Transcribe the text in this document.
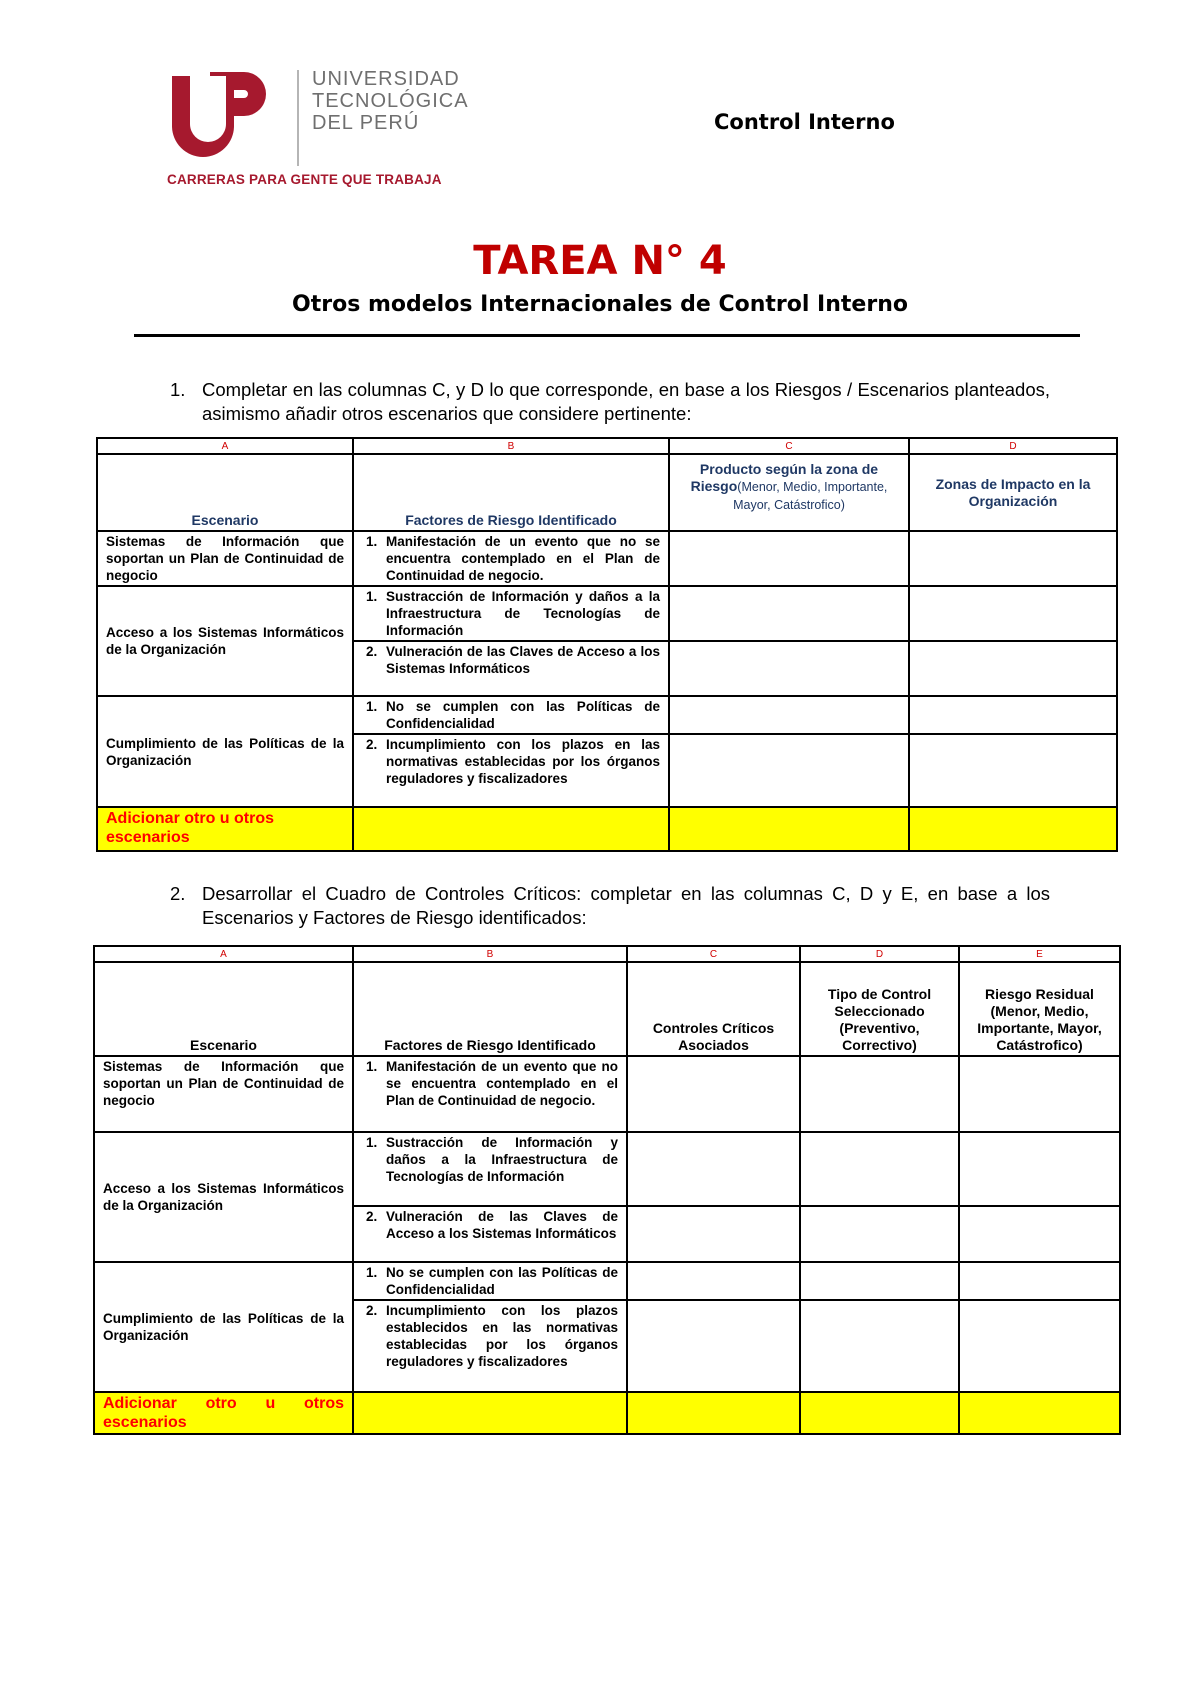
UNIVERSIDAD
TECNOLÓGICA
DEL PERÚ
CARRERAS PARA GENTE QUE TRABAJA
Control Interno
TAREA N° 4
Otros modelos Internacionales de Control Interno
1. Completar en las columnas C, y D lo que corresponde, en base a los Riesgos / Escenarios planteados, asimismo añadir otros escenarios que considere pertinente:
A	B	C	D
Escenario	Factores de Riesgo Identificado	Producto según la zona de Riesgo(Menor, Medio, Importante, Mayor, Catástrofico)	Zonas de Impacto en la Organización
Sistemas de Información que soportan un Plan de Continuidad de negocio	1. Manifestación de un evento que no se encuentra contemplado en el Plan de Continuidad de negocio.		

Acceso a los Sistemas Informáticos de la Organización	1. Sustracción de Información y daños a la Infraestructura de Tecnologías de Información		

	2. Vulneración de las Claves de Acceso a los Sistemas Informáticos		

Cumplimiento de las Políticas de la Organización	1. No se cumplen con las Políticas de Confidencialidad		

	2. Incumplimiento con los plazos en las normativas establecidas por los órganos reguladores y fiscalizadores		

Adicionar otro u otros escenarios			
2. Desarrollar el Cuadro de Controles Críticos: completar en las columnas C, D y E, en base a los Escenarios y Factores de Riesgo identificados:
A	B	C	D	E
Escenario	Factores de Riesgo Identificado	Controles Críticos Asociados	Tipo de Control Seleccionado (Preventivo, Correctivo)	Riesgo Residual (Menor, Medio, Importante, Mayor, Catástrofico)
Sistemas de Información que soportan un Plan de Continuidad de negocio	1. Manifestación de un evento que no se encuentra contemplado en el Plan de Continuidad de negocio.			

Acceso a los Sistemas Informáticos de la Organización	1. Sustracción de Información y daños a la Infraestructura de Tecnologías de Información			

	2. Vulneración de las Claves de Acceso a los Sistemas Informáticos			

Cumplimiento de las Políticas de la Organización	1. No se cumplen con las Políticas de Confidencialidad			

	2. Incumplimiento con los plazos establecidos en las normativas establecidas por los órganos reguladores y fiscalizadores			

Adicionar otro u otros escenarios				
